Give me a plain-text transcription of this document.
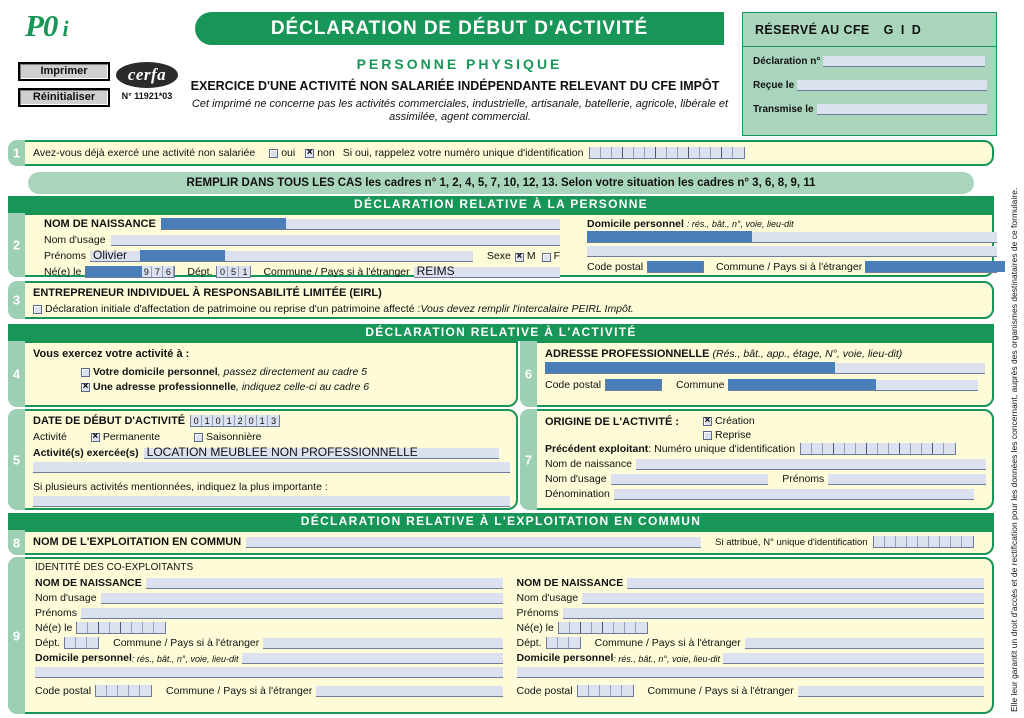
P0 i
Imprimer
Réinitialiser
cerfa
N° 11921*03
DÉCLARATION DE DÉBUT D'ACTIVITÉ
PERSONNE PHYSIQUE
EXERCICE D'UNE ACTIVITÉ NON SALARIÉE INDÉPENDANTE RELEVANT DU CFE IMPÔT
Cet imprimé ne concerne pas les activités commerciales, industrielle, artisanale, batellerie, agricole, libérale et assimilée, agent commercial.
RÉSERVÉ AU CFE G I D
Déclaration n°
Reçue le
Transmise le
Elle leur garantit un droit d'accès et de rectification pour les données les concernant, auprès des organismes destinataires de ce formulaire.
1	Avez-vous déjà exercé une activité non salariée oui × non Si oui, rappelez votre numéro unique d'identification
REMPLIR DANS TOUS LES CAS les cadres n° 1, 2, 4, 5, 7, 10, 12, 13. Selon votre situation les cadres n° 3, 6, 8, 9, 11
DÉCLARATION RELATIVE À LA PERSONNE
2
NOM DE NAISSANCE
Nom d'usage
Prénoms Olivier	Sexe × M F
Né(e) le	9 7 6	Dépt. 0 5 1 Commune / Pays si à l'étranger REIMS
Domicile personnel : rés., bât., n°, voie, lieu-dit
Code postal	Commune / Pays si à l'étranger
3	ENTREPRENEUR INDIVIDUEL À RESPONSABILITÉ LIMITÉE (EIRL)
Déclaration initiale d'affectation de patrimoine ou reprise d'un patrimoine affecté : Vous devez remplir l'intercalaire PEIRL Impôt.
DÉCLARATION RELATIVE À L'ACTIVITÉ
4
Vous exercez votre activité à :
Votre domicile personnel , passez directement au cadre 5
×
Une adresse professionnelle , indiquez celle-ci au cadre 6
6
ADRESSE PROFESSIONNELLE (Rés., bât., app., étage, N°, voie, lieu-dit)
Code postal	Commune
5
DATE DE DÉBUT D'ACTIVITÉ 0 1 0 1 2 0 1 3
Activité ×	Permanente	Saisonnière
Activité(s) exercée(s) LOCATION MEUBLEE NON PROFESSIONNELLE
Si plusieurs activités mentionnées, indiquez la plus importante :
7
ORIGINE DE L'ACTIVITÉ : ×	Création
Reprise
Précédent exploitant : Numéro unique d'identification
Nom de naissance
Nom d'usage	Prénoms
Dénomination
DÉCLARATION RELATIVE À L'EXPLOITATION EN COMMUN
8	NOM DE L'EXPLOITATION EN COMMUN	Si attribué, N° unique d'identification
9
IDENTITÉ DES CO-EXPLOITANTS
NOM DE NAISSANCE
Nom d'usage
Prénoms
Né(e) le
Dépt.	Commune / Pays si à l'étranger
Domicile personnel : rés., bât., n°, voie, lieu-dit
Code postal	Commune / Pays si à l'étranger
NOM DE NAISSANCE
Nom d'usage
Prénoms
Né(e) le
Dépt.	Commune / Pays si à l'étranger
Domicile personnel : rés., bât., n°, voie, lieu-dit
Code postal	Commune / Pays si à l'étranger
